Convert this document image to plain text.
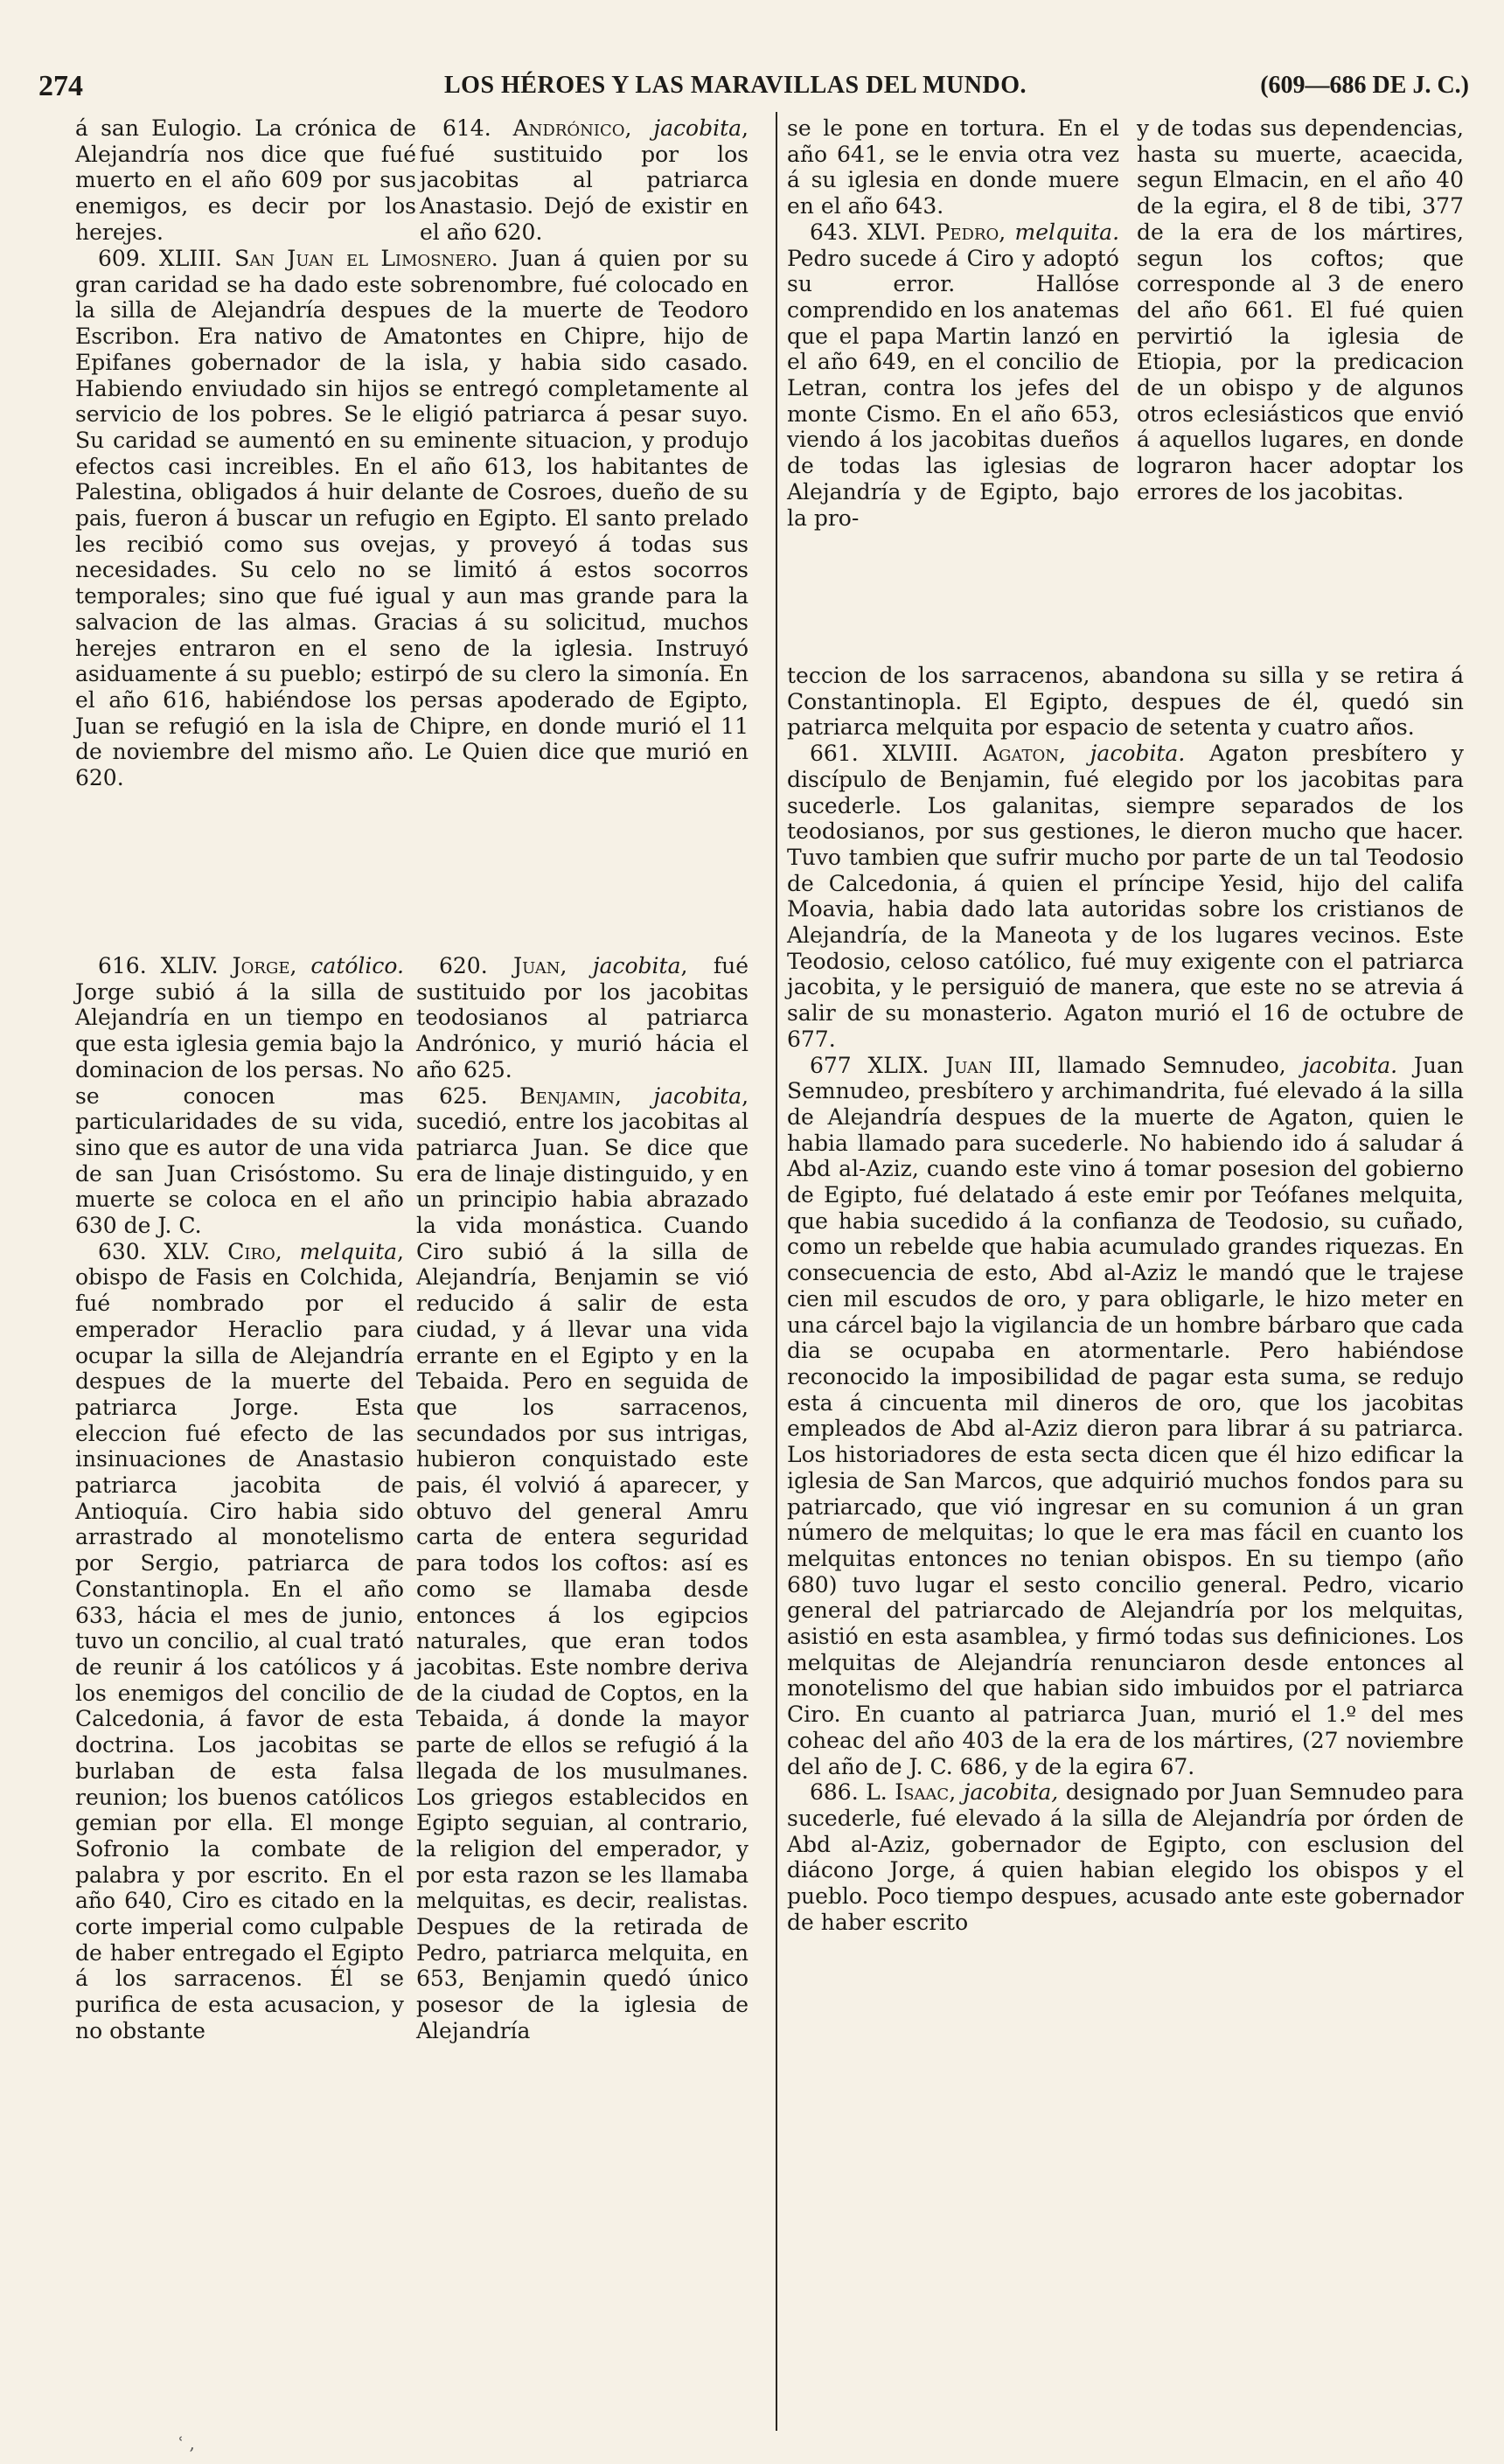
274	LOS HÉROES Y LAS MARAVILLAS DEL MUNDO.	(609—686 DE J. C.)

á san Eulogio. La crónica de Alejandría nos dice que fué muerto en el año 609 por sus enemigos, es decir por los herejes.

614. Andrónico, jacobita, fué sustituido por los jacobitas al patriarca Anastasio. Dejó de existir en el año 620.

609. XLIII. San Juan el Limosnero. Juan á quien por su gran caridad se ha dado este sobrenombre, fué colocado en la silla de Alejandría despues de la muerte de Teodoro Escribon. Era nativo de Amatontes en Chipre, hijo de Epifanes gobernador de la isla, y habia sido casado. Habiendo enviudado sin hijos se entregó completamente al servicio de los pobres. Se le eligió patriarca á pesar suyo. Su caridad se aumentó en su eminente situacion, y produjo efectos casi increibles. En el año 613, los habitantes de Palestina, obligados á huir delante de Cosroes, dueño de su pais, fueron á buscar un refugio en Egipto. El santo prelado les recibió como sus ovejas, y proveyó á todas sus necesidades. Su celo no se limitó á estos socorros temporales; sino que fué igual y aun mas grande para la salvacion de las almas. Gracias á su solicitud, muchos herejes entraron en el seno de la iglesia. Instruyó asiduamente á su pueblo; estirpó de su clero la simonía. En el año 616, habiéndose los persas apoderado de Egipto, Juan se refugió en la isla de Chipre, en donde murió el 11 de noviembre del mismo año. Le Quien dice que murió en 620.

616. XLIV. Jorge, católico. Jorge subió á la silla de Alejandría en un tiempo en que esta iglesia gemia bajo la dominacion de los persas. No se conocen mas particularidades de su vida, sino que es autor de una vida de san Juan Crisóstomo. Su muerte se coloca en el año 630 de J. C.

630. XLV. Ciro, melquita, obispo de Fasis en Colchida, fué nombrado por el emperador Heraclio para ocupar la silla de Alejandría despues de la muerte del patriarca Jorge. Esta eleccion fué efecto de las insinuaciones de Anastasio patriarca jacobita de Antioquía. Ciro habia sido arrastrado al monotelismo por Sergio, patriarca de Constantinopla. En el año 633, hácia el mes de junio, tuvo un concilio, al cual trató de reunir á los católicos y á los enemigos del concilio de Calcedonia, á favor de esta doctrina. Los jacobitas se burlaban de esta falsa reunion; los buenos católicos gemian por ella. El monge Sofronio la combate de palabra y por escrito. En el año 640, Ciro es citado en la corte imperial como culpable de haber entregado el Egipto á los sarracenos. Él se purifica de esta acusacion, y no obstante

620. Juan, jacobita, fué sustituido por los jacobitas teodosianos al patriarca Andrónico, y murió hácia el año 625.

625. Benjamin, jacobita, sucedió, entre los jacobitas al patriarca Juan. Se dice que era de linaje distinguido, y en un principio habia abrazado la vida monástica. Cuando Ciro subió á la silla de Alejandría, Benjamin se vió reducido á salir de esta ciudad, y á llevar una vida errante en el Egipto y en la Tebaida. Pero en seguida de que los sarracenos, secundados por sus intrigas, hubieron conquistado este pais, él volvió á aparecer, y obtuvo del general Amru carta de entera seguridad para todos los coftos: así es como se llamaba desde entonces á los egipcios naturales, que eran todos jacobitas. Este nombre deriva de la ciudad de Coptos, en la Tebaida, á donde la mayor parte de ellos se refugió á la llegada de los musulmanes. Los griegos establecidos en Egipto seguian, al contrario, la religion del emperador, y por esta razon se les llamaba melquitas, es decir, realistas. Despues de la retirada de Pedro, patriarca melquita, en 653, Benjamin quedó único posesor de la iglesia de Alejandría

ʿ ,

se le pone en tortura. En el año 641, se le envia otra vez á su iglesia en donde muere en el año 643.

643. XLVI. Pedro, melquita. Pedro sucede á Ciro y adoptó su error. Hallóse comprendido en los anatemas que el papa Martin lanzó en el año 649, en el concilio de Letran, contra los jefes del monte Cismo. En el año 653, viendo á los jacobitas dueños de todas las iglesias de Alejandría y de Egipto, bajo la pro-

y de todas sus dependencias, hasta su muerte, acaecida, segun Elmacin, en el año 40 de la egira, el 8 de tibi, 377 de la era de los mártires, segun los coftos; que corresponde al 3 de enero del año 661. El fué quien pervirtió la iglesia de Etiopia, por la predicacion de un obispo y de algunos otros eclesiásticos que envió á aquellos lugares, en donde lograron hacer adoptar los errores de los jacobitas.

teccion de los sarracenos, abandona su silla y se retira á Constantinopla. El Egipto, despues de él, quedó sin patriarca melquita por espacio de setenta y cuatro años.

661. XLVIII. Agaton, jacobita. Agaton presbítero y discípulo de Benjamin, fué elegido por los jacobitas para sucederle. Los galanitas, siempre separados de los teodosianos, por sus gestiones, le dieron mucho que hacer. Tuvo tambien que sufrir mucho por parte de un tal Teodosio de Calcedonia, á quien el príncipe Yesid, hijo del califa Moavia, habia dado lata autoridas sobre los cristianos de Alejandría, de la Maneota y de los lugares vecinos. Este Teodosio, celoso católico, fué muy exigente con el patriarca jacobita, y le persiguió de manera, que este no se atrevia á salir de su monasterio. Agaton murió el 16 de octubre de 677.

677 XLIX. Juan III, llamado Semnudeo, jacobita. Juan Semnudeo, presbítero y archimandrita, fué elevado á la silla de Alejandría despues de la muerte de Agaton, quien le habia llamado para sucederle. No habiendo ido á saludar á Abd al-Aziz, cuando este vino á tomar posesion del gobierno de Egipto, fué delatado á este emir por Teófanes melquita, que habia sucedido á la confianza de Teodosio, su cuñado, como un rebelde que habia acumulado grandes riquezas. En consecuencia de esto, Abd al-Aziz le mandó que le trajese cien mil escudos de oro, y para obligarle, le hizo meter en una cárcel bajo la vigilancia de un hombre bárbaro que cada dia se ocupaba en atormentarle. Pero habiéndose reconocido la imposibilidad de pagar esta suma, se redujo esta á cincuenta mil dineros de oro, que los jacobitas empleados de Abd al-Aziz dieron para librar á su patriarca. Los historiadores de esta secta dicen que él hizo edificar la iglesia de San Marcos, que adquirió muchos fondos para su patriarcado, que vió ingresar en su comunion á un gran número de melquitas; lo que le era mas fácil en cuanto los melquitas entonces no tenian obispos. En su tiempo (año 680) tuvo lugar el sesto concilio general. Pedro, vicario general del patriarcado de Alejandría por los melquitas, asistió en esta asamblea, y firmó todas sus definiciones. Los melquitas de Alejandría renunciaron desde entonces al monotelismo del que habian sido imbuidos por el patriarca Ciro. En cuanto al patriarca Juan, murió el 1.º del mes coheac del año 403 de la era de los mártires, (27 noviembre del año de J. C. 686, y de la egira 67.

686. L. Isaac, jacobita, designado por Juan Semnudeo para sucederle, fué elevado á la silla de Alejandría por órden de Abd al-Aziz, gobernador de Egipto, con esclusion del diácono Jorge, á quien habian elegido los obispos y el pueblo. Poco tiempo despues, acusado ante este gobernador de haber escrito
